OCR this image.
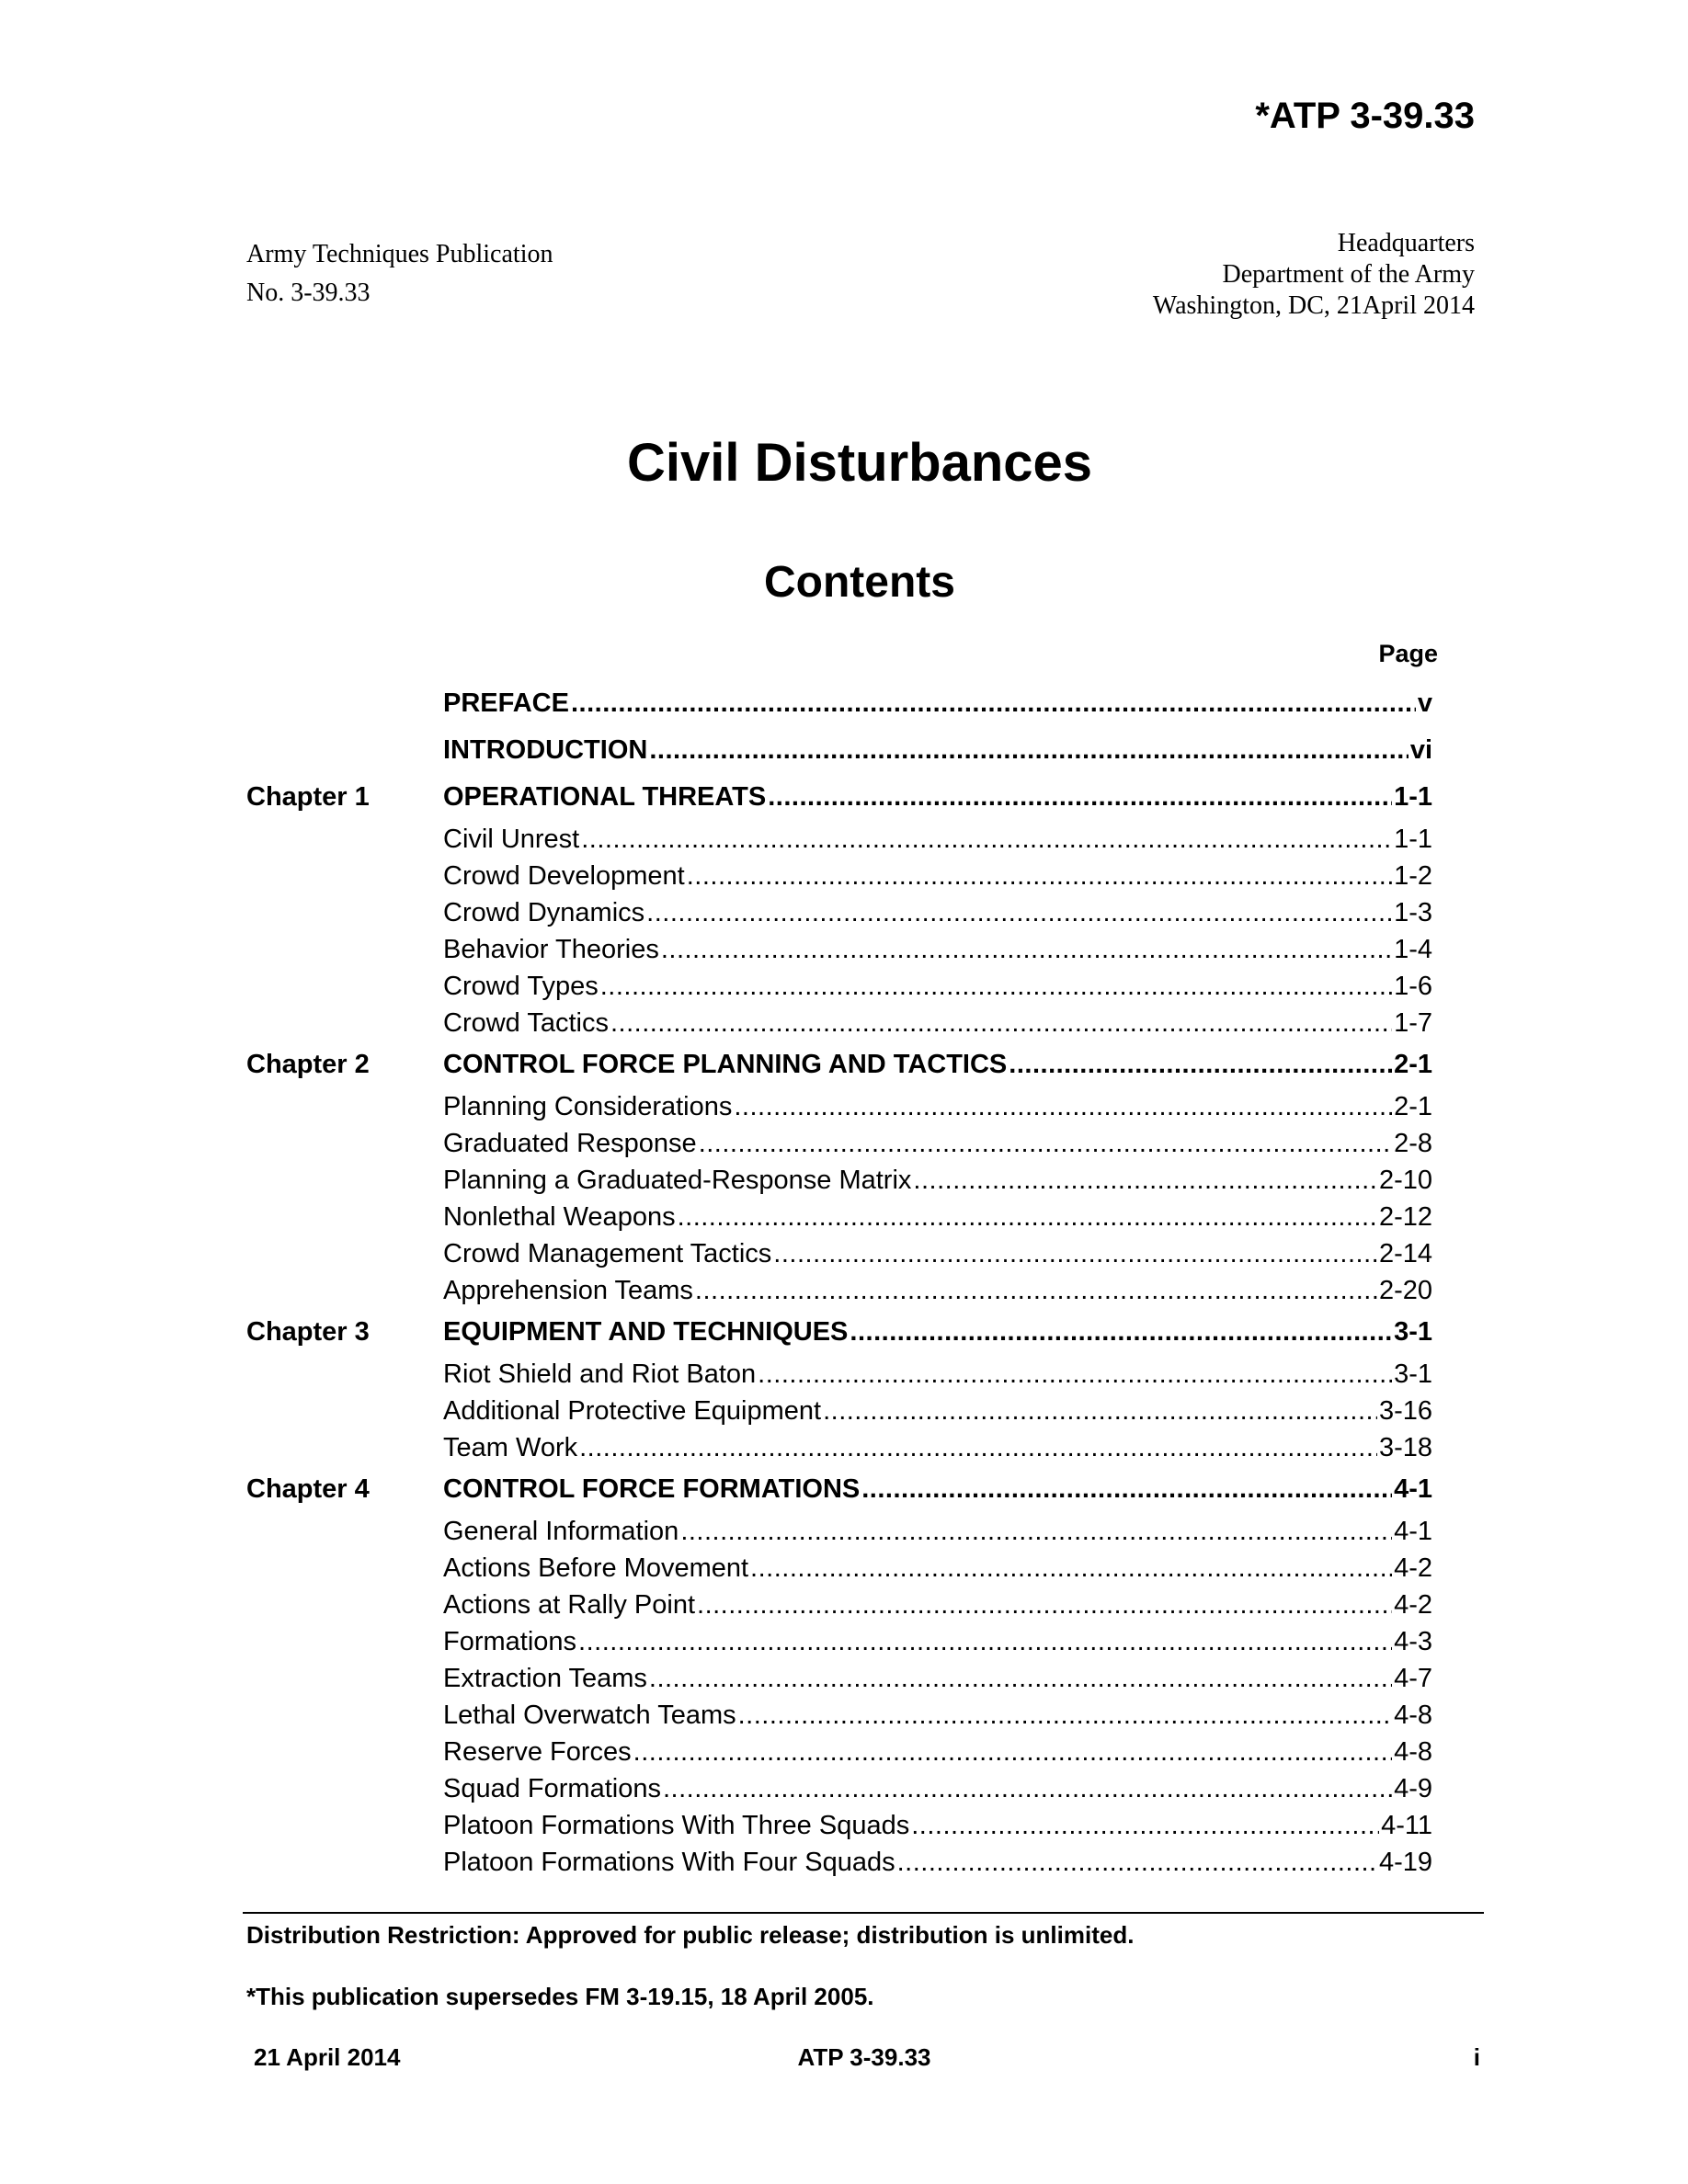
*ATP 3-39.33
Army Techniques Publication
No. 3-39.33
Headquarters
Department of the Army
Washington, DC, 21April 2014
Civil Disturbances
Contents
Page
PREFACE .....	v
INTRODUCTION .....	vi
Chapter 1	OPERATIONAL THREATS .....	1-1
Civil Unrest .....	1-1
Crowd Development .....	1-2
Crowd Dynamics .....	1-3
Behavior Theories .....	1-4
Crowd Types .....	1-6
Crowd Tactics .....	1-7
Chapter 2	CONTROL FORCE PLANNING AND TACTICS .....	2-1
Planning Considerations .....	2-1
Graduated Response .....	2-8
Planning a Graduated-Response Matrix .....	2-10
Nonlethal Weapons .....	2-12
Crowd Management Tactics .....	2-14
Apprehension Teams .....	2-20
Chapter 3	EQUIPMENT AND TECHNIQUES .....	3-1
Riot Shield and Riot Baton .....	3-1
Additional Protective Equipment .....	3-16
Team Work .....	3-18
Chapter 4	CONTROL FORCE FORMATIONS .....	4-1
General Information .....	4-1
Actions Before Movement .....	4-2
Actions at Rally Point .....	4-2
Formations .....	4-3
Extraction Teams .....	4-7
Lethal Overwatch Teams .....	4-8
Reserve Forces .....	4-8
Squad Formations .....	4-9
Platoon Formations With Three Squads .....	4-11
Platoon Formations With Four Squads .....	4-19
Distribution Restriction: Approved for public release; distribution is unlimited.
*This publication supersedes FM 3-19.15, 18 April 2005.
21 April 2014	ATP 3-39.33	i
